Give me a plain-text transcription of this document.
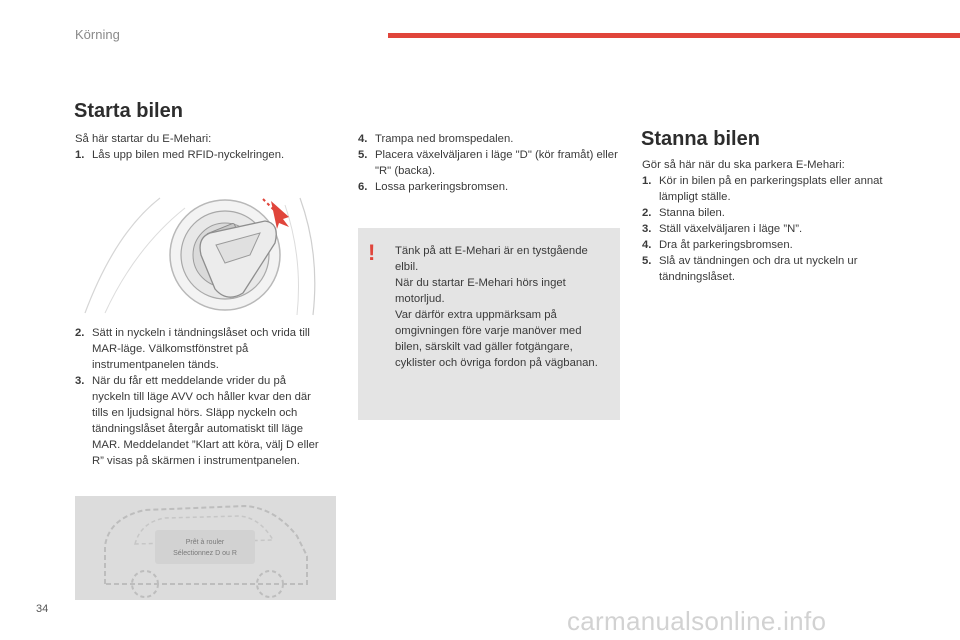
Körning
Starta bilen
Så här startar du E-Mehari:
1. Lås upp bilen med RFID-nyckelringen.
2. Sätt in nyckeln i tändningslåset och vrida till MAR-läge. Välkomstfönstret på instrumentpanelen tänds.
3. När du får ett meddelande vrider du på nyckeln till läge AVV och håller kvar den där tills en ljudsignal hörs. Släpp nyckeln och tändningslåset återgår automatiskt till läge MAR. Meddelandet ”Klart att köra, välj D eller R” visas på skärmen i instrumentpanelen.
Prêt à rouler
Sélectionnez D ou R
4. Trampa ned bromspedalen.
5. Placera växelväljaren i läge "D" (kör framåt) eller "R" (backa).
6. Lossa parkeringsbromsen.
! Tänk på att E-Mehari är en tystgående elbil.
När du startar E-Mehari hörs inget motorljud.
Var därför extra uppmärksam på omgivningen före varje manöver med bilen, särskilt vad gäller fotgängare, cyklister och övriga fordon på vägbanan.
Stanna bilen
Gör så här när du ska parkera E-Mehari:
1. Kör in bilen på en parkeringsplats eller annat lämpligt ställe.
2. Stanna bilen.
3. Ställ växelväljaren i läge ”N”.
4. Dra åt parkeringsbromsen.
5. Slå av tändningen och dra ut nyckeln ur tändningslåset.
34	carmanualsonline.info
